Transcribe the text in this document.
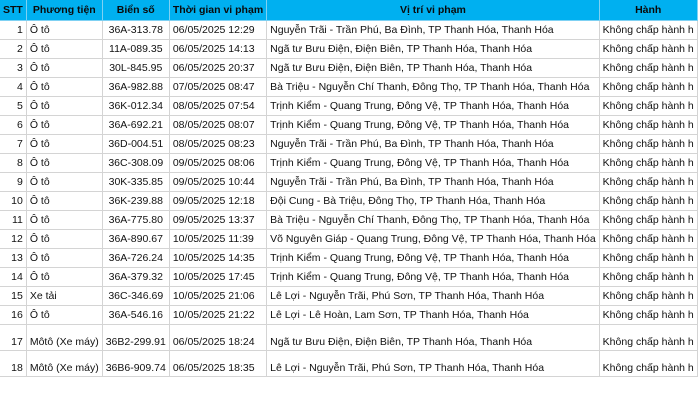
STT	Phương tiện	Biển số	Thời gian vi phạm	Vị trí vi phạm	Hành
1	Ô tô	36A-313.78	06/05/2025 12:29	Nguyễn Trãi - Trần Phú, Ba Đình, TP Thanh Hóa, Thanh Hóa	Không chấp hành h
2	Ô tô	11A-089.35	06/05/2025 14:13	Ngã tư Bưu Điện, Điện Biên, TP Thanh Hóa, Thanh Hóa	Không chấp hành h
3	Ô tô	30L-845.95	06/05/2025 20:37	Ngã tư Bưu Điện, Điện Biên, TP Thanh Hóa, Thanh Hóa	Không chấp hành h
4	Ô tô	36A-982.88	07/05/2025 08:47	Bà Triệu - Nguyễn Chí Thanh, Đông Thọ, TP Thanh Hóa, Thanh Hóa	Không chấp hành h
5	Ô tô	36K-012.34	08/05/2025 07:54	Trịnh Kiểm - Quang Trung, Đông Vệ, TP Thanh Hóa, Thanh Hóa	Không chấp hành h
6	Ô tô	36A-692.21	08/05/2025 08:07	Trịnh Kiểm - Quang Trung, Đông Vệ, TP Thanh Hóa, Thanh Hóa	Không chấp hành h
7	Ô tô	36D-004.51	08/05/2025 08:23	Nguyễn Trãi - Trần Phú, Ba Đình, TP Thanh Hóa, Thanh Hóa	Không chấp hành h
8	Ô tô	36C-308.09	09/05/2025 08:06	Trịnh Kiểm - Quang Trung, Đông Vệ, TP Thanh Hóa, Thanh Hóa	Không chấp hành h
9	Ô tô	30K-335.85	09/05/2025 10:44	Nguyễn Trãi - Trần Phú, Ba Đình, TP Thanh Hóa, Thanh Hóa	Không chấp hành h
10	Ô tô	36K-239.88	09/05/2025 12:18	Đội Cung - Bà Triệu, Đông Thọ, TP Thanh Hóa, Thanh Hóa	Không chấp hành h
11	Ô tô	36A-775.80	09/05/2025 13:37	Bà Triệu - Nguyễn Chí Thanh, Đông Thọ, TP Thanh Hóa, Thanh Hóa	Không chấp hành h
12	Ô tô	36A-890.67	10/05/2025 11:39	Võ Nguyên Giáp - Quang Trung, Đông Vệ, TP Thanh Hóa, Thanh Hóa	Không chấp hành h
13	Ô tô	36A-726.24	10/05/2025 14:35	Trịnh Kiểm - Quang Trung, Đông Vệ, TP Thanh Hóa, Thanh Hóa	Không chấp hành h
14	Ô tô	36A-379.32	10/05/2025 17:45	Trịnh Kiểm - Quang Trung, Đông Vệ, TP Thanh Hóa, Thanh Hóa	Không chấp hành h
15	Xe tải	36C-346.69	10/05/2025 21:06	Lê Lợi - Nguyễn Trãi, Phú Sơn, TP Thanh Hóa, Thanh Hóa	Không chấp hành h
16	Ô tô	36A-546.16	10/05/2025 21:22	Lê Lợi - Lê Hoàn, Lam Sơn, TP Thanh Hóa, Thanh Hóa	Không chấp hành h
17	Môtô (Xe máy)	36B2-299.91	06/05/2025 18:24	Ngã tư Bưu Điện, Điện Biên, TP Thanh Hóa, Thanh Hóa	Không chấp hành h
18	Môtô (Xe máy)	36B6-909.74	06/05/2025 18:35	Lê Lợi - Nguyễn Trãi, Phú Sơn, TP Thanh Hóa, Thanh Hóa	Không chấp hành h
